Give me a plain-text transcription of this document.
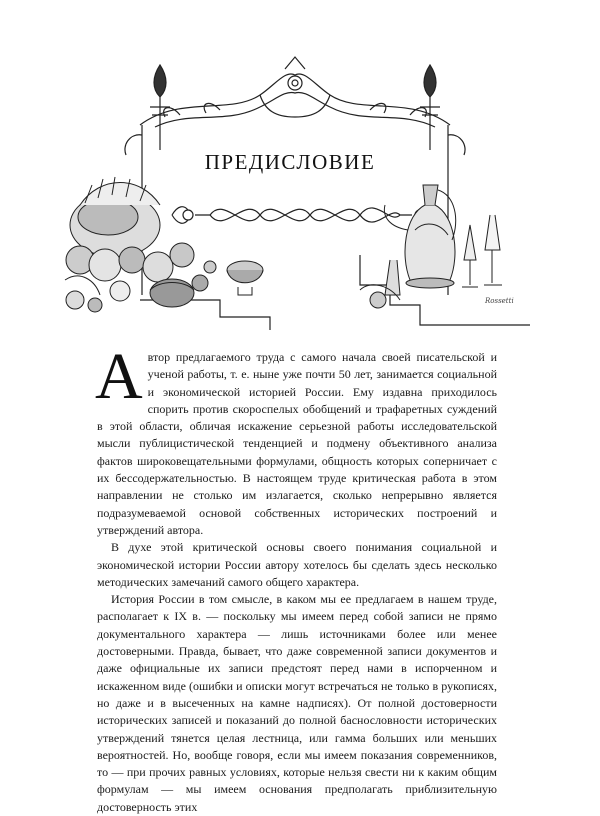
Rossetti
ПРЕДИСЛОВИЕ

Автор предлагаемого труда с самого начала своей писательской и ученой работы, т. е. ныне уже почти 50 лет, занимается социальной и экономической историей России. Ему издавна приходилось спорить против скороспелых обобщений и трафаретных суждений в этой области, обличая искажение серьезной работы исследовательской мысли публицистической тенденцией и подмену объективного анализа фактов широковещательными формулами, общность которых соперничает с их бессодержательностью. В настоящем труде критическая работа в этом направлении не столько им излагается, сколько непрерывно является подразумеваемой основой собственных исторических построений и утверждений автора.

В духе этой критической основы своего понимания социальной и экономической истории России автору хотелось бы сделать здесь несколько методических замечаний самого общего характера.

История России в том смысле, в каком мы ее предлагаем в нашем труде, располагает к IX в. — поскольку мы имеем перед собой записи не прямо документального характера — лишь источниками более или менее достоверными. Правда, бывает, что даже современной записи документов и даже официальные их записи предстоят перед нами в испорченном и искаженном виде (ошибки и описки могут встречаться не только в рукописях, но даже и в высеченных на камне надписях). От полной достоверности исторических записей и показаний до полной баснословности исторических утверждений тянется целая лестница, или гамма больших или меньших вероятностей. Но, вообще говоря, если мы имеем показания современников, то — при прочих равных условиях, которые нельзя свести ни к каким общим формулам — мы имеем основания предполагать приблизительную достоверность этих
